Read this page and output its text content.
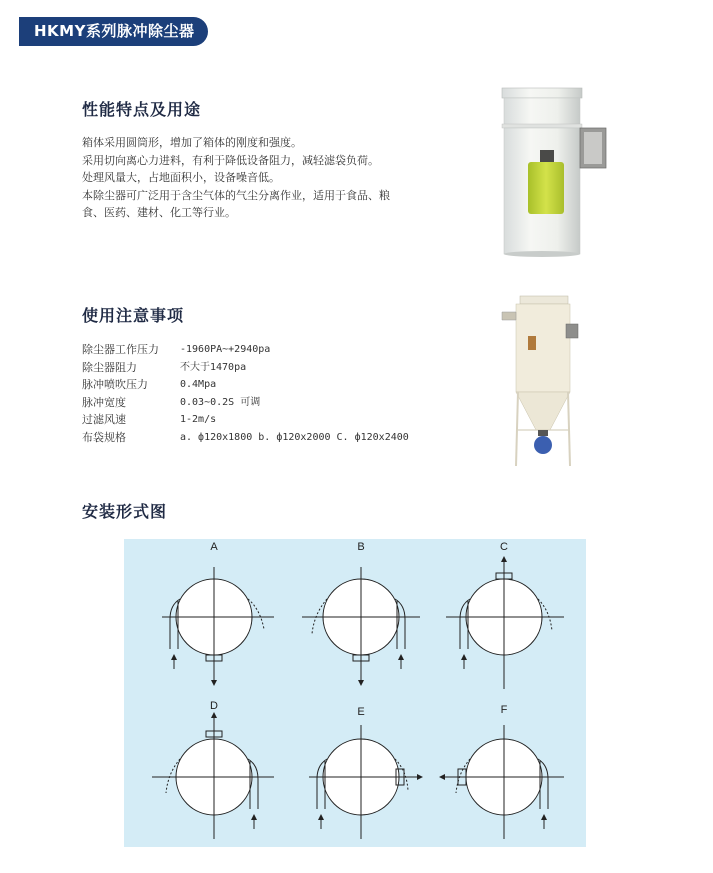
HKMY系列脉冲除尘器
性能特点及用途
箱体采用圆筒形，增加了箱体的刚度和强度。
采用切向离心力进料，有利于降低设备阻力，减轻滤袋负荷。
处理风量大，占地面积小，设备噪音低。
本除尘器可广泛用于含尘气体的气尘分离作业，适用于食品、粮
食、医药、建材、化工等行业。
使用注意事项
除尘器工作压力	-1960PA~+2940pa
除尘器阻力	不大于1470pa
脉冲喷吹压力	0.4Mpa
脉冲宽度	0.03~0.2S 可调
过滤风速	1-2m/s
布袋规格	a. ф120x1800 b. ф120x2000 C. ф120x2400
安装形式图
A	B	C
D	E	F
